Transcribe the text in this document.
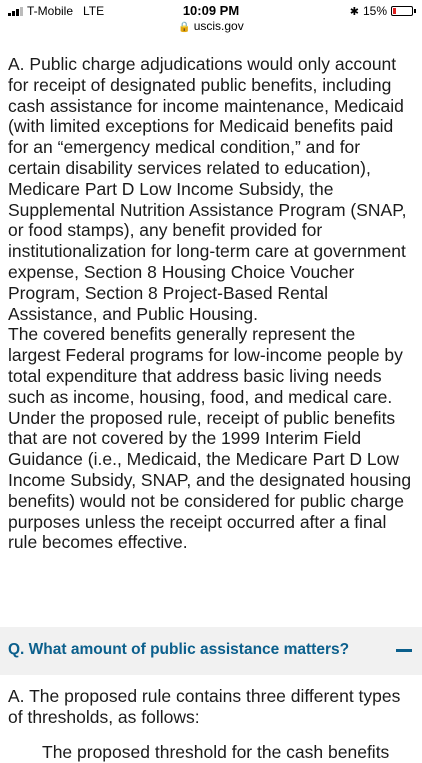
T-Mobile LTE	10:09 PM	✱ 15%
🔒 uscis.gov

A. Public charge adjudications would only account for receipt of designated public benefits, including cash assistance for income maintenance, Medicaid (with limited exceptions for Medicaid benefits paid for an “emergency medical condition,” and for certain disability services related to education), Medicare Part D Low Income Subsidy, the Supplemental Nutrition Assistance Program (SNAP, or food stamps), any benefit provided for institutionalization for long-term care at government expense, Section 8 Housing Choice Voucher Program, Section 8 Project-Based Rental Assistance, and Public Housing.

The covered benefits generally represent the largest Federal programs for low-income people by total expenditure that address basic living needs such as income, housing, food, and medical care.

Under the proposed rule, receipt of public benefits that are not covered by the 1999 Interim Field Guidance (i.e., Medicaid, the Medicare Part D Low Income Subsidy, SNAP, and the designated housing benefits) would not be considered for public charge purposes unless the receipt occurred after a final rule becomes effective.

Q. What amount of public assistance matters?
A. The proposed rule contains three different types of thresholds, as follows:
The proposed threshold for the cash benefits
